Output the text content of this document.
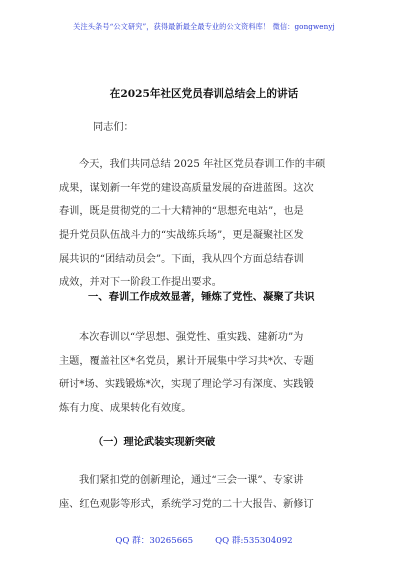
关注头条号“公文研究”，获得最新最全最专业的公文资料库！ 微信：gongwenyj
在2025年社区党员春训总结会上的讲话
同志们：
今天，我们共同总结 2025 年社区党员春训工作的丰硕
成果，谋划新一年党的建设高质量发展的奋进蓝图。这次
春训，既是贯彻党的二十大精神的“思想充电站”，也是
提升党员队伍战斗力的“实战练兵场”，更是凝聚社区发
展共识的“团结动员会”。下面，我从四个方面总结春训
成效，并对下一阶段工作提出要求。
一、春训工作成效显著，锤炼了党性、凝聚了共识
本次春训以“学思想、强党性、重实践、建新功”为
主题，覆盖社区*名党员，累计开展集中学习共*次、专题
研讨*场、实践锻炼*次，实现了理论学习有深度、实践锻
炼有力度、成果转化有效度。
（一）理论武装实现新突破
我们紧扣党的创新理论，通过“三会一课”、专家讲
座、红色观影等形式，系统学习党的二十大报告、新修订
QQ 群：30265665	QQ 群:535304092
